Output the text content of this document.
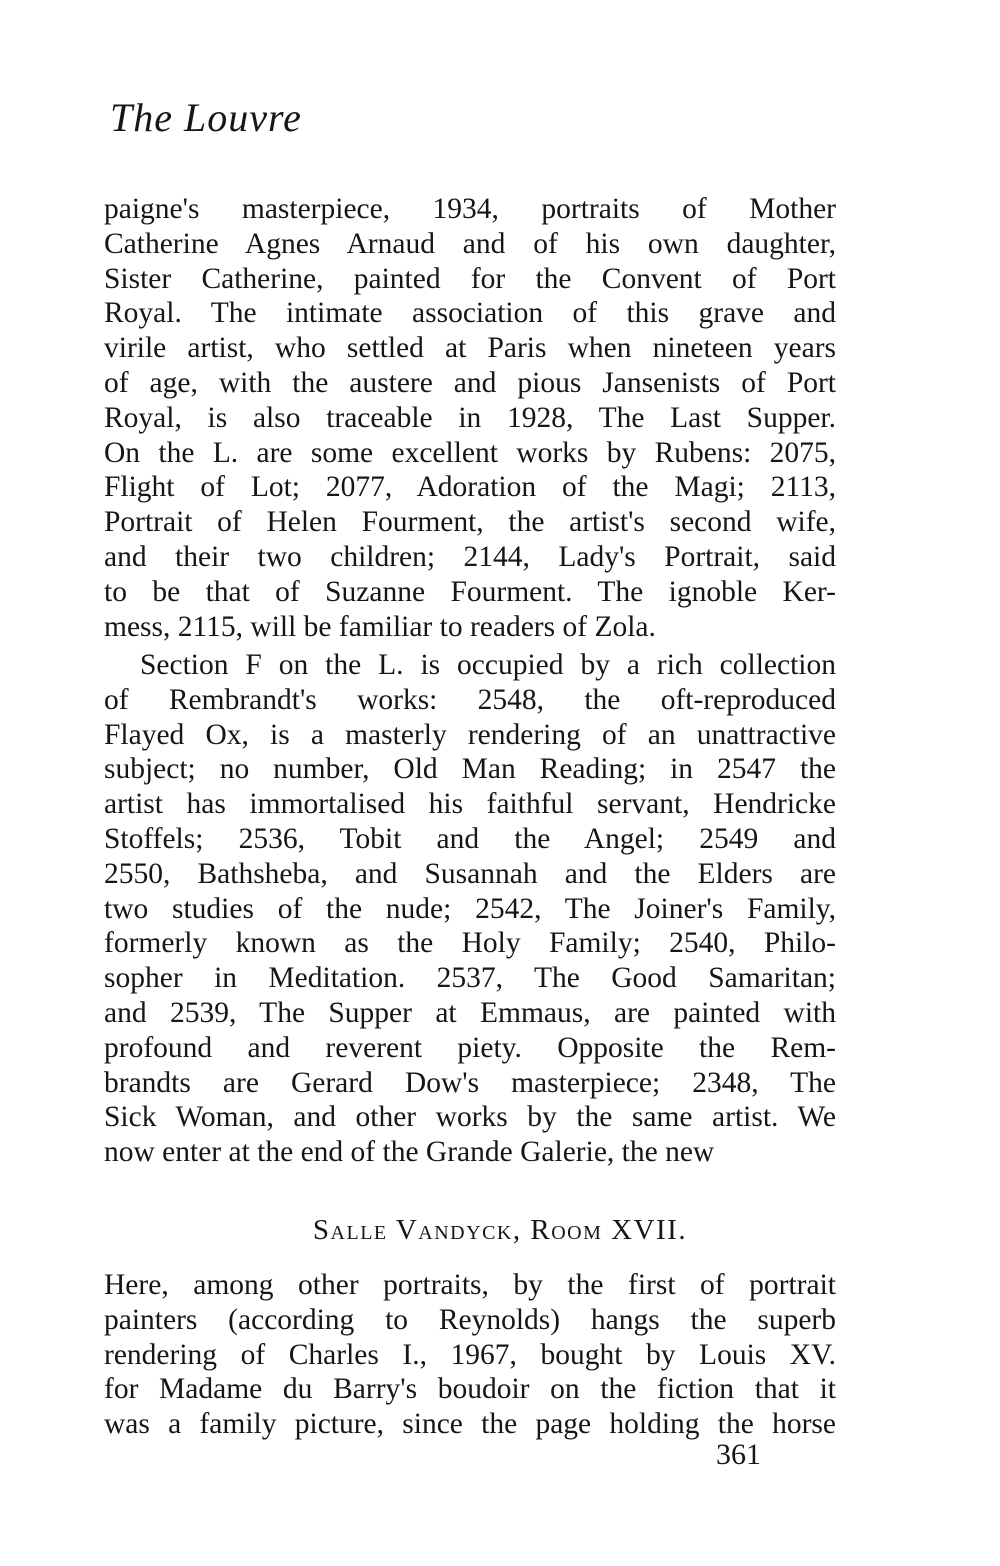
The Louvre
paigne's masterpiece, 1934, portraits of Mother
Catherine Agnes Arnaud and of his own daughter,
Sister Catherine, painted for the Convent of Port
Royal. The intimate association of this grave and
virile artist, who settled at Paris when nineteen years
of age, with the austere and pious Jansenists of Port
Royal, is also traceable in 1928, The Last Supper.
On the L. are some excellent works by Rubens: 2075,
Flight of Lot; 2077, Adoration of the Magi; 2113,
Portrait of Helen Fourment, the artist's second wife,
and their two children; 2144, Lady's Portrait, said
to be that of Suzanne Fourment. The ignoble Ker-
mess, 2115, will be familiar to readers of Zola.
Section F on the L. is occupied by a rich collection
of Rembrandt's works: 2548, the oft-reproduced
Flayed Ox, is a masterly rendering of an unattractive
subject; no number, Old Man Reading; in 2547 the
artist has immortalised his faithful servant, Hendricke
Stoffels; 2536, Tobit and the Angel; 2549 and
2550, Bathsheba, and Susannah and the Elders are
two studies of the nude; 2542, The Joiner's Family,
formerly known as the Holy Family; 2540, Philo-
sopher in Meditation. 2537, The Good Samaritan;
and 2539, The Supper at Emmaus, are painted with
profound and reverent piety. Opposite the Rem-
brandts are Gerard Dow's masterpiece; 2348, The
Sick Woman, and other works by the same artist. We
now enter at the end of the Grande Galerie, the new
Salle Vandyck, Room XVII.
Here, among other portraits, by the first of portrait
painters (according to Reynolds) hangs the superb
rendering of Charles I., 1967, bought by Louis XV.
for Madame du Barry's boudoir on the fiction that it
was a family picture, since the page holding the horse
361
